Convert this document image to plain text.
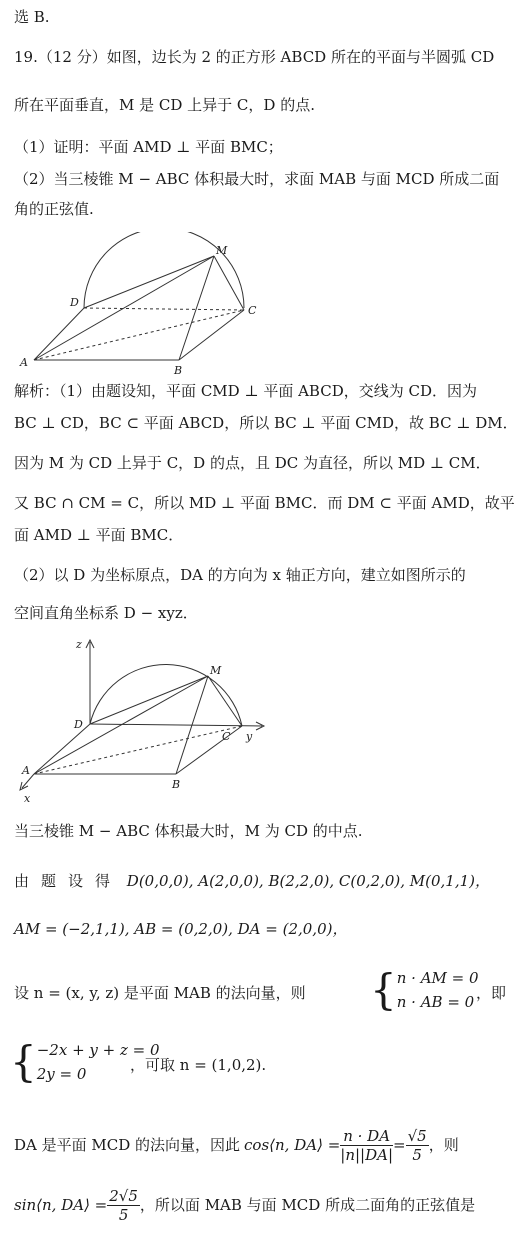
选 B.
19.（12 分）如图，边长为 2 的正方形 ABCD 所在的平面与半圆弧 CD
所在平面垂直，M 是 CD 上异于 C，D 的点.
（1）证明：平面 AMD ⊥ 平面 BMC；
（2）当三棱锥 M − ABC 体积最大时，求面 MAB 与面 MCD 所成二面
角的正弦值.
M
D
C
A
B
解析：（1）由题设知，平面 CMD ⊥ 平面 ABCD，交线为 CD．因为
BC ⊥ CD，BC ⊂ 平面 ABCD，所以 BC ⊥ 平面 CMD，故 BC ⊥ DM．
因为 M 为 CD 上异于 C，D 的点，且 DC 为直径，所以 MD ⊥ CM．
又 BC ∩ CM = C，所以 MD ⊥ 平面 BMC．而 DM ⊂ 平面 AMD，故平
面 AMD ⊥ 平面 BMC．
（2）以 D 为坐标原点，DA 的方向为 x 轴正方向，建立如图所示的
空间直角坐标系 D − xyz．
z
M
D
C y
A
B
x
当三棱锥 M − ABC 体积最大时，M 为 CD 的中点.
由题设得 D(0,0,0), A(2,0,0), B(2,2,0), C(0,2,0), M(0,1,1)，
AM = (−2,1,1), AB = (0,2,0), DA = (2,0,0)，
设 n = (x, y, z) 是平面 MAB 的法向量，则 { n · AM = 0
n · AB = 0 ，即
{ −2x + y + z = 0
2y = 0	，可取 n = (1,0,2).
DA 是平面 MCD 的法向量，因此 cos⟨n, DA⟩ = $\frac{n \cdot DA}{|n||DA|} = \frac{√5}{5}$ ，则
sin⟨n, DA⟩ = $\frac{2√5}{5}$ ，所以面 MAB 与面 MCD 所成二面角的正弦值是
